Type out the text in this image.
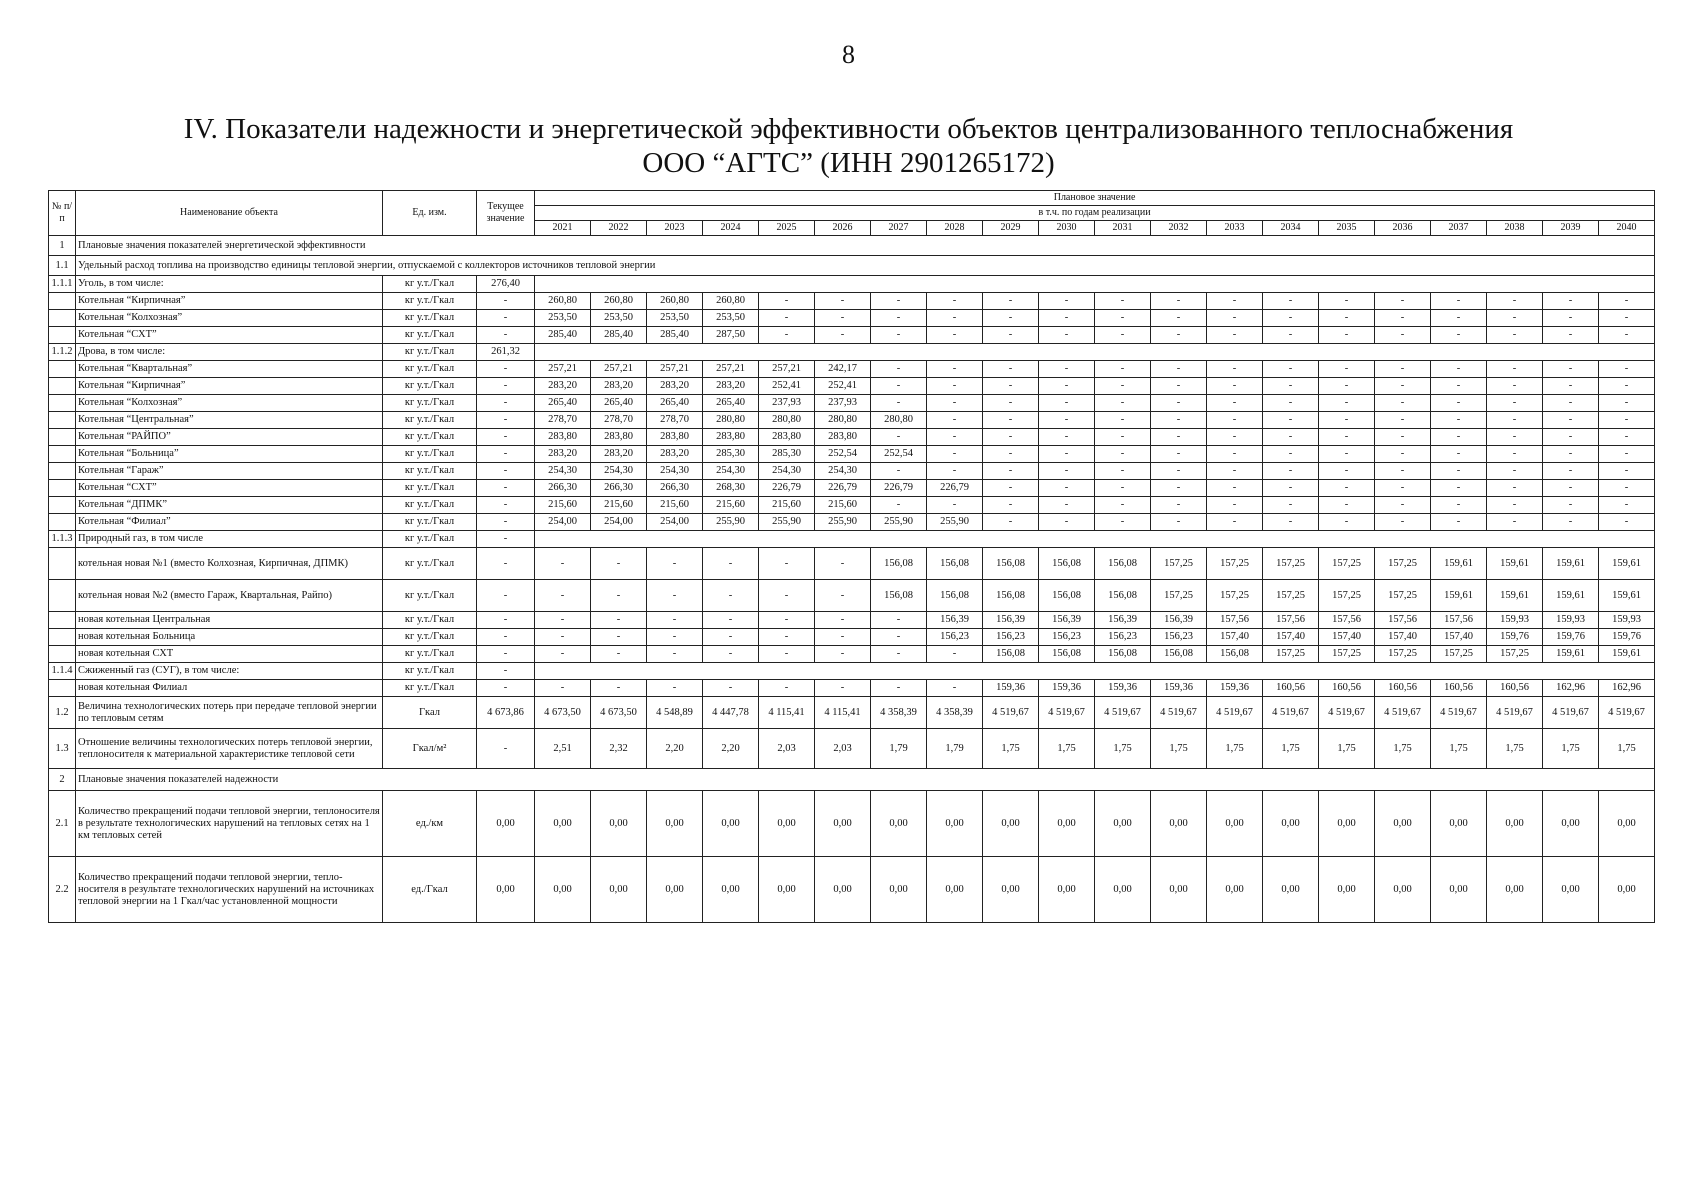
8
IV. Показатели надежности и энергетической эффективности объектов централизованного теплоснабжения
ООО “АГТС” (ИНН 2901265172)
№ п/п	Наименование объекта	Ед. изм.	Текущее значение	Плановое значение																			
				в т.ч. по годам реализации																			
				2021	2022	2023	2024	2025	2026	2027	2028	2029	2030	2031	2032	2033	2034	2035	2036	2037	2038	2039	2040
1	Плановые значения показателей энергетической эффективности																						
1.1	Удельный расход топлива на производство единицы тепловой энергии, отпускаемой с коллекторов источников тепловой энергии																						
1.1.1	Уголь, в том числе:	кг у.т./Гкал	276,40																				
	Котельная “Кирпичная”	кг у.т./Гкал	-	260,80	260,80	260,80	260,80	-	-	-	-	-	-	-	-	-	-	-	-	-	-	-	-
	Котельная “Колхозная”	кг у.т./Гкал	-	253,50	253,50	253,50	253,50	-	-	-	-	-	-	-	-	-	-	-	-	-	-	-	-
	Котельная “СХТ”	кг у.т./Гкал	-	285,40	285,40	285,40	287,50	-	-	-	-	-	-	-	-	-	-	-	-	-	-	-	-
1.1.2	Дрова, в том числе:	кг у.т./Гкал	261,32																				
	Котельная “Квартальная”	кг у.т./Гкал	-	257,21	257,21	257,21	257,21	257,21	242,17	-	-	-	-	-	-	-	-	-	-	-	-	-	-
	Котельная “Кирпичная”	кг у.т./Гкал	-	283,20	283,20	283,20	283,20	252,41	252,41	-	-	-	-	-	-	-	-	-	-	-	-	-	-
	Котельная “Колхозная”	кг у.т./Гкал	-	265,40	265,40	265,40	265,40	237,93	237,93	-	-	-	-	-	-	-	-	-	-	-	-	-	-
	Котельная “Центральная”	кг у.т./Гкал	-	278,70	278,70	278,70	280,80	280,80	280,80	280,80	-	-	-	-	-	-	-	-	-	-	-	-	-
	Котельная “РАЙПО”	кг у.т./Гкал	-	283,80	283,80	283,80	283,80	283,80	283,80	-	-	-	-	-	-	-	-	-	-	-	-	-	-
	Котельная “Больница”	кг у.т./Гкал	-	283,20	283,20	283,20	285,30	285,30	252,54	252,54	-	-	-	-	-	-	-	-	-	-	-	-	-
	Котельная “Гараж”	кг у.т./Гкал	-	254,30	254,30	254,30	254,30	254,30	254,30	-	-	-	-	-	-	-	-	-	-	-	-	-	-
	Котельная “СХТ”	кг у.т./Гкал	-	266,30	266,30	266,30	268,30	226,79	226,79	226,79	226,79	-	-	-	-	-	-	-	-	-	-	-	-
	Котельная “ДПМК”	кг у.т./Гкал	-	215,60	215,60	215,60	215,60	215,60	215,60	-	-	-	-	-	-	-	-	-	-	-	-	-	-
	Котельная “Филиал”	кг у.т./Гкал	-	254,00	254,00	254,00	255,90	255,90	255,90	255,90	255,90	-	-	-	-	-	-	-	-	-	-	-	-
1.1.3	Природный газ, в том числе	кг у.т./Гкал	-																				
	котельная новая №1 (вместо Колхозная, Кирпичная, ДПМК)	кг у.т./Гкал	-	-	-	-	-	-	-	156,08	156,08	156,08	156,08	156,08	157,25	157,25	157,25	157,25	157,25	159,61	159,61	159,61	159,61
	котельная новая №2 (вместо Гараж, Квартальная, Райпо)	кг у.т./Гкал	-	-	-	-	-	-	-	156,08	156,08	156,08	156,08	156,08	157,25	157,25	157,25	157,25	157,25	159,61	159,61	159,61	159,61
	новая котельная Центральная	кг у.т./Гкал	-	-	-	-	-	-	-	-	156,39	156,39	156,39	156,39	156,39	157,56	157,56	157,56	157,56	157,56	159,93	159,93	159,93
	новая котельная Больница	кг у.т./Гкал	-	-	-	-	-	-	-	-	156,23	156,23	156,23	156,23	156,23	157,40	157,40	157,40	157,40	157,40	159,76	159,76	159,76
	новая котельная СХТ	кг у.т./Гкал	-	-	-	-	-	-	-	-	-	156,08	156,08	156,08	156,08	156,08	157,25	157,25	157,25	157,25	157,25	159,61	159,61
1.1.4	Сжиженный газ (СУГ), в том числе:	кг у.т./Гкал	-																				
	новая котельная Филиал	кг у.т./Гкал	-	-	-	-	-	-	-	-	-	159,36	159,36	159,36	159,36	159,36	160,56	160,56	160,56	160,56	160,56	162,96	162,96
1.2	Величина технологических потерь при передаче тепловой энергии по тепловым сетям	Гкал	4 673,86	4 673,50	4 673,50	4 548,89	4 447,78	4 115,41	4 115,41	4 358,39	4 358,39	4 519,67	4 519,67	4 519,67	4 519,67	4 519,67	4 519,67	4 519,67	4 519,67	4 519,67	4 519,67	4 519,67	4 519,67
1.3	Отношение величины технологических потерь тепловой энергии, теплоносителя к материальной характеристике тепловой сети	Гкал/м²	-	2,51	2,32	2,20	2,20	2,03	2,03	1,79	1,79	1,75	1,75	1,75	1,75	1,75	1,75	1,75	1,75	1,75	1,75	1,75	1,75
2	Плановые значения показателей надежности																						
2.1	Количество прекращений подачи тепловой энергии, теплоносителя в результате технологических нарушений на тепловых сетях на 1 км тепловых сетей	ед./км	0,00	0,00	0,00	0,00	0,00	0,00	0,00	0,00	0,00	0,00	0,00	0,00	0,00	0,00	0,00	0,00	0,00	0,00	0,00	0,00	0,00
2.2	Количество прекращений подачи тепловой энергии, тепло- носителя в результате технологических нарушений на источниках тепловой энергии на 1 Гкал/час установленной мощности	ед./Гкал	0,00	0,00	0,00	0,00	0,00	0,00	0,00	0,00	0,00	0,00	0,00	0,00	0,00	0,00	0,00	0,00	0,00	0,00	0,00	0,00	0,00
